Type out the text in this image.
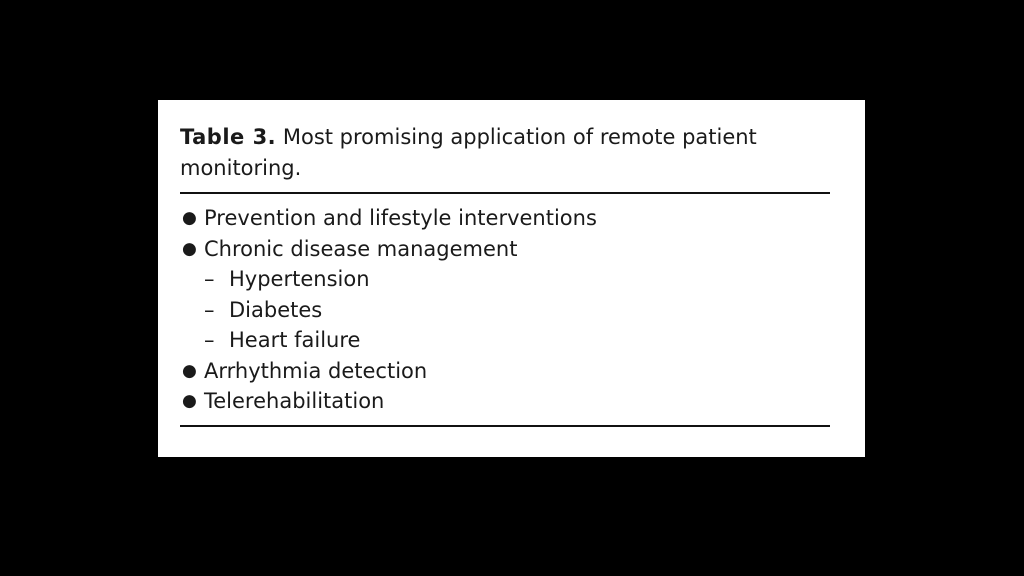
Table 3. Most promising application of remote patient monitoring.

● Prevention and lifestyle interventions
● Chronic disease management
– Hypertension
– Diabetes
– Heart failure
● Arrhythmia detection
● Telerehabilitation
